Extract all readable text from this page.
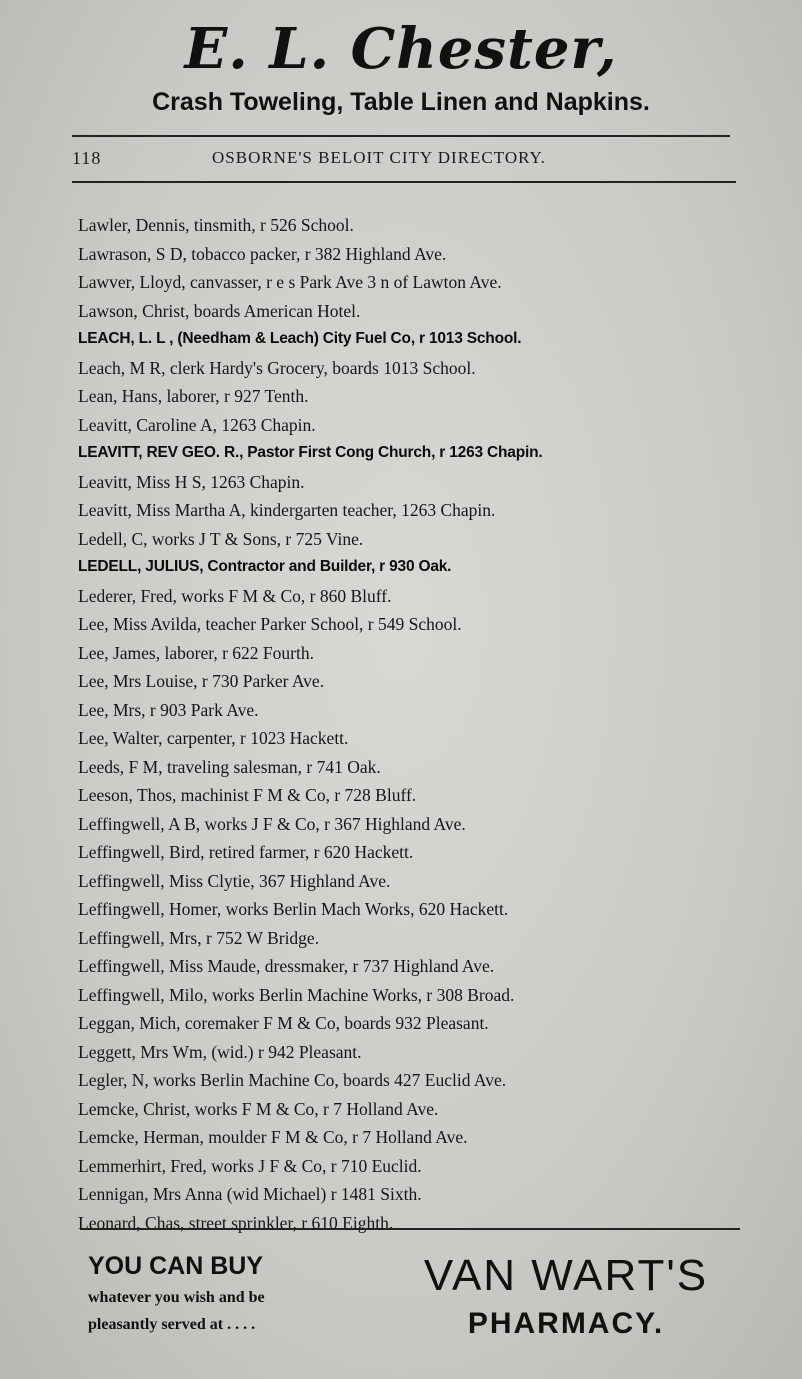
E. L. Chester,
Crash Toweling, Table Linen and Napkins.
118	OSBORNE'S BELOIT CITY DIRECTORY.
Lawler, Dennis, tinsmith, r 526 School.
Lawrason, S D, tobacco packer, r 382 Highland Ave.
Lawver, Lloyd, canvasser, r e s Park Ave 3 n of Lawton Ave.
Lawson, Christ, boards American Hotel.
LEACH, L. L , (Needham & Leach) City Fuel Co, r 1013 School.
Leach, M R, clerk Hardy's Grocery, boards 1013 School.
Lean, Hans, laborer, r 927 Tenth.
Leavitt, Caroline A, 1263 Chapin.
LEAVITT, REV GEO. R., Pastor First Cong Church, r 1263 Chapin.
Leavitt, Miss H S, 1263 Chapin.
Leavitt, Miss Martha A, kindergarten teacher, 1263 Chapin.
Ledell, C, works J T & Sons, r 725 Vine.
LEDELL, JULIUS, Contractor and Builder, r 930 Oak.
Lederer, Fred, works F M & Co, r 860 Bluff.
Lee, Miss Avilda, teacher Parker School, r 549 School.
Lee, James, laborer, r 622 Fourth.
Lee, Mrs Louise, r 730 Parker Ave.
Lee, Mrs, r 903 Park Ave.
Lee, Walter, carpenter, r 1023 Hackett.
Leeds, F M, traveling salesman, r 741 Oak.
Leeson, Thos, machinist F M & Co, r 728 Bluff.
Leffingwell, A B, works J F & Co, r 367 Highland Ave.
Leffingwell, Bird, retired farmer, r 620 Hackett.
Leffingwell, Miss Clytie, 367 Highland Ave.
Leffingwell, Homer, works Berlin Mach Works, 620 Hackett.
Leffingwell, Mrs, r 752 W Bridge.
Leffingwell, Miss Maude, dressmaker, r 737 Highland Ave.
Leffingwell, Milo, works Berlin Machine Works, r 308 Broad.
Leggan, Mich, coremaker F M & Co, boards 932 Pleasant.
Leggett, Mrs Wm, (wid.) r 942 Pleasant.
Legler, N, works Berlin Machine Co, boards 427 Euclid Ave.
Lemcke, Christ, works F M & Co, r 7 Holland Ave.
Lemcke, Herman, moulder F M & Co, r 7 Holland Ave.
Lemmerhirt, Fred, works J F & Co, r 710 Euclid.
Lennigan, Mrs Anna (wid Michael) r 1481 Sixth.
Leonard, Chas, street sprinkler, r 610 Eighth.
YOU CAN BUY
whatever you wish and be
pleasantly served at . . . .
VAN WART'S
PHARMACY.
